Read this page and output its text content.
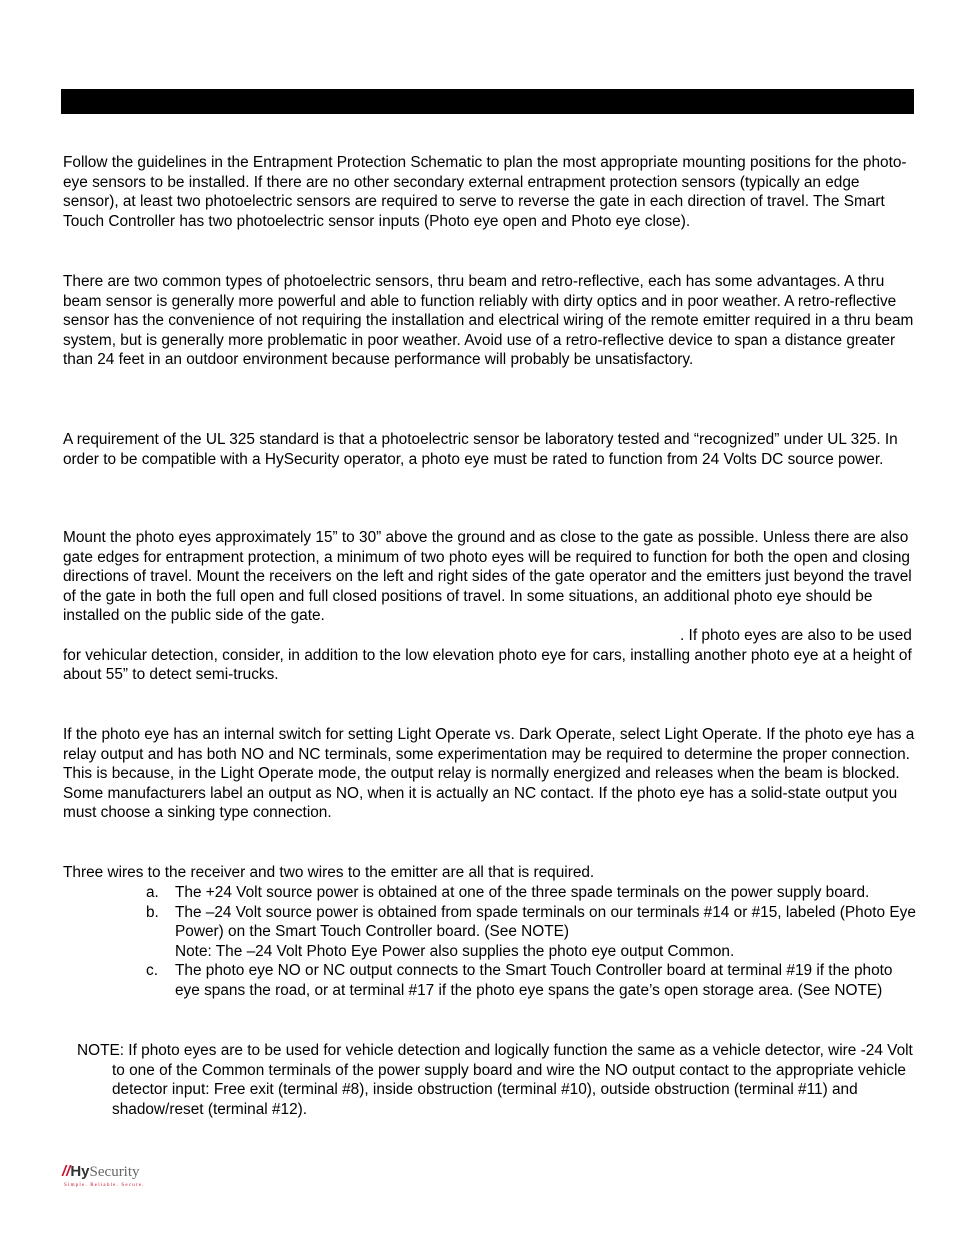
Follow the guidelines in the Entrapment Protection Schematic to plan the most appropriate mounting positions for the photo-eye sensors to be installed. If there are no other secondary external entrapment protection sensors (typically an edge sensor), at least two photoelectric sensors are required to serve to reverse the gate in each direction of travel. The Smart Touch Controller has two photoelectric sensor inputs (Photo eye open and Photo eye close).

There are two common types of photoelectric sensors, thru beam and retro-reflective, each has some advantages. A thru beam sensor is generally more powerful and able to function reliably with dirty optics and in poor weather. A retro-reflective sensor has the convenience of not requiring the installation and electrical wiring of the remote emitter required in a thru beam system, but is generally more problematic in poor weather. Avoid use of a retro-reflective device to span a distance greater than 24 feet in an outdoor environment because performance will probably be unsatisfactory.

A requirement of the UL 325 standard is that a photoelectric sensor be laboratory tested and “recognized” under UL 325. In order to be compatible with a HySecurity operator, a photo eye must be rated to function from 24 Volts DC source power.

Mount the photo eyes approximately 15” to 30” above the ground and as close to the gate as possible. Unless there are also gate edges for entrapment protection, a minimum of two photo eyes will be required to function for both the open and closing directions of travel. Mount the receivers on the left and right sides of the gate operator and the emitters just beyond the travel of the gate in both the full open and full closed positions of travel. In some situations, an additional photo eye should be installed on the public side of the gate.

. If photo eyes are also to be used for vehicular detection, consider, in addition to the low elevation photo eye for cars, installing another photo eye at a height of about 55” to detect semi-trucks.

If the photo eye has an internal switch for setting Light Operate vs. Dark Operate, select Light Operate. If the photo eye has a relay output and has both NO and NC terminals, some experimentation may be required to determine the proper connection. This is because, in the Light Operate mode, the output relay is normally energized and releases when the beam is blocked. Some manufacturers label an output as NO, when it is actually an NC contact. If the photo eye has a solid-state output you must choose a sinking type connection.

Three wires to the receiver and two wires to the emitter are all that is required.

a. The +24 Volt source power is obtained at one of the three spade terminals on the power supply board.
b. The –24 Volt source power is obtained from spade terminals on our terminals #14 or #15, labeled (Photo Eye Power) on the Smart Touch Controller board. (See NOTE)
Note: The –24 Volt Photo Eye Power also supplies the photo eye output Common.
c. The photo eye NO or NC output connects to the Smart Touch Controller board at terminal #19 if the photo eye spans the road, or at terminal #17 if the photo eye spans the gate’s open storage area. (See NOTE)

NOTE: If photo eyes are to be used for vehicle detection and logically function the same as a vehicle detector, wire -24 Volt to one of the Common terminals of the power supply board and wire the NO output contact to the appropriate vehicle detector input: Free exit (terminal #8), inside obstruction (terminal #10), outside obstruction (terminal #11) and shadow/reset (terminal #12).

//HySecurity
Simple. Reliable. Secure.
